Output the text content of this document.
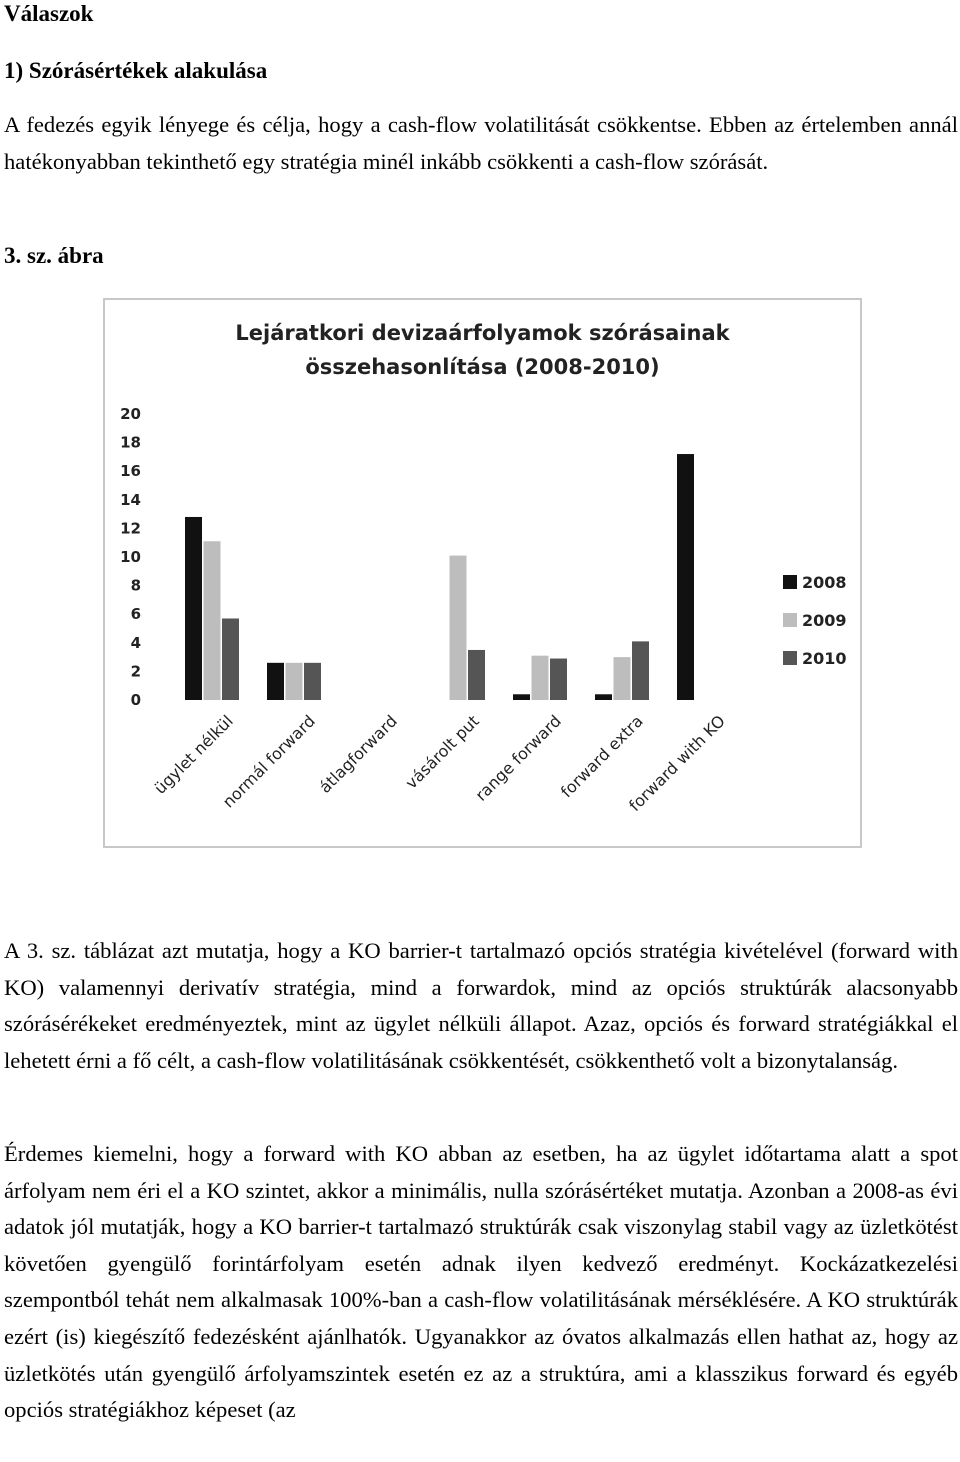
Válaszok
1) Szórásértékek alakulása

A fedezés egyik lényege és célja, hogy a cash-flow volatilitását csökkentse. Ebben az értelemben annál hatékonyabban tekinthető egy stratégia minél inkább csökkenti a cash-flow szórását.

3. sz. ábra
Lejáratkori devizaárfolyamok szórásainak
összehasonlítása (2008-2010)
0
2
4
6
8
10
12
14
16
18
20
ügylet nélkül
normál forward
átlagforward vásárolt put
range forward
forward extra
forward with KO
2008
2009
2010

A 3. sz. táblázat azt mutatja, hogy a KO barrier-t tartalmazó opciós stratégia kivételével (forward with KO) valamennyi derivatív stratégia, mind a forwardok, mind az opciós struktúrák alacsonyabb szórásérékeket eredményeztek, mint az ügylet nélküli állapot. Azaz, opciós és forward stratégiákkal el lehetett érni a fő célt, a cash-flow volatilitásának csökkentését, csökkenthető volt a bizonytalanság.

Érdemes kiemelni, hogy a forward with KO abban az esetben, ha az ügylet időtartama alatt a spot árfolyam nem éri el a KO szintet, akkor a minimális, nulla szórásértéket mutatja. Azonban a 2008-as évi adatok jól mutatják, hogy a KO barrier-t tartalmazó struktúrák csak viszonylag stabil vagy az üzletkötést követően gyengülő forintárfolyam esetén adnak ilyen kedvező eredményt. Kockázatkezelési szempontból tehát nem alkalmasak 100%-ban a cash-flow volatilitásának mérséklésére. A KO struktúrák ezért (is) kiegészítő fedezésként ajánlhatók. Ugyanakkor az óvatos alkalmazás ellen hathat az, hogy az üzletkötés után gyengülő árfolyamszintek esetén ez az a struktúra, ami a klasszikus forward és egyéb opciós stratégiákhoz képeset (az
